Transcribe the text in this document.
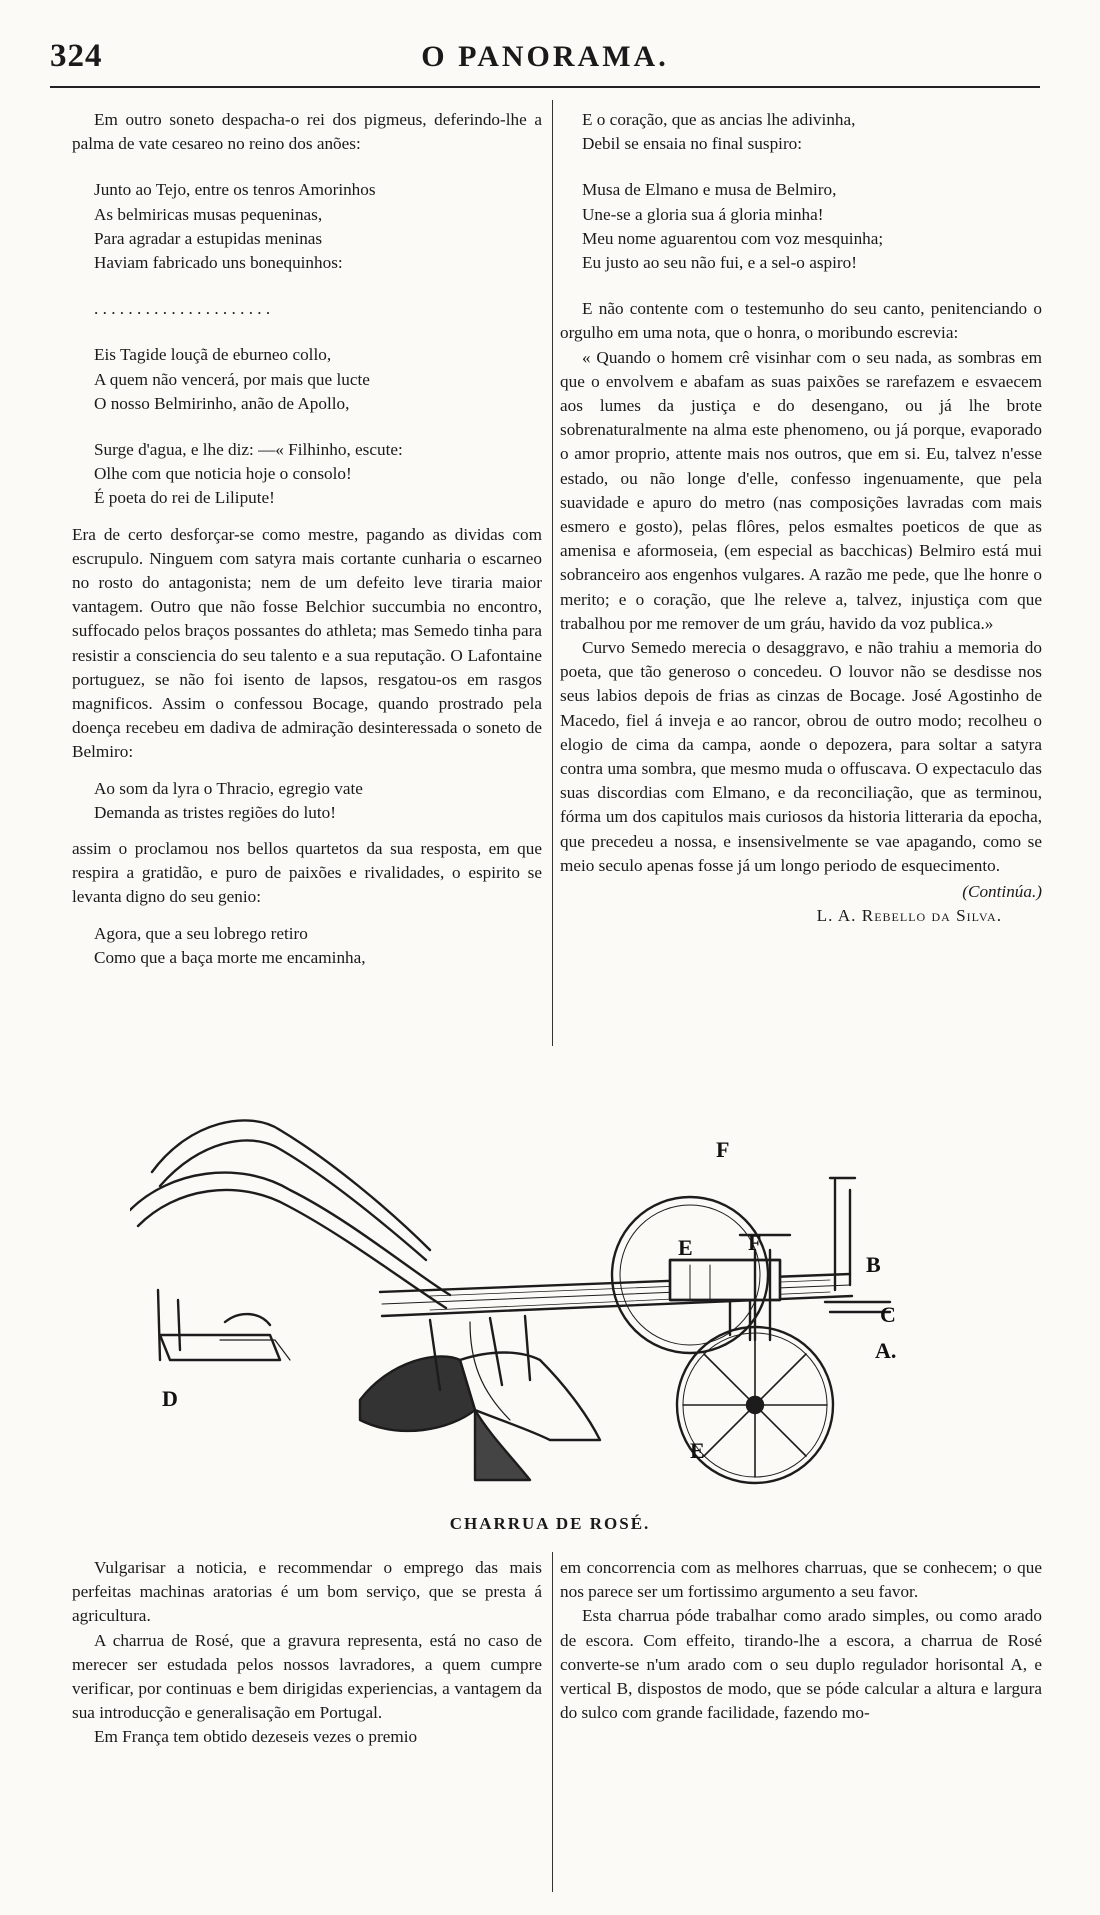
O PANORAMA.
324

Em outro soneto despacha-o rei dos pigmeus, deferindo-lhe a palma de vate cesareo no reino dos anões:

Junto ao Tejo, entre os tenros Amorinhos
As belmiricas musas pequeninas,
Para agradar a estupidas meninas
Haviam fabricado uns bonequinhos:
. . . . . . . . . . . . . . . . . . . . .
Eis Tagide louçã de eburneo collo,
A quem não vencerá, por mais que lucte
O nosso Belmirinho, anão de Apollo,
Surge d'agua, e lhe diz: —« Filhinho, escute:
Olhe com que noticia hoje o consolo!
É poeta do rei de Liliputе!

Era de certo desforçar-se como mestre, pagando as dividas com escrupulo. Ninguem com satyra mais cortante cunharia o escarneo no rosto do antagonista; nem de um defeito leve tiraria maior vantagem. Outro que não fosse Belchior succumbia no encontro, suffocado pelos braços possantes do athleta; mas Semedo tinha para resistir a consciencia do seu talento e a sua reputação. O Lafontaine portuguez, se não foi isento de lapsos, resgatou-os em rasgos magnificos. Assim o confessou Bocage, quando prostrado pela doença recebeu em dadiva de admiração desinteressada o soneto de Belmiro:

Ao som da lyra o Thracio, egregio vate
Demanda as tristes regiões do luto!

assim o proclamou nos bellos quartetos da sua resposta, em que respira a gratidão, e puro de paixões e rivalidades, o espirito se levanta digno do seu genio:

Agora, que a seu lobrego retiro
Como que a baça morte me encaminha,
E o coração, que as ancias lhe adivinha,
Debil se ensaia no final suspiro:
Musa de Elmano e musa de Belmiro,
Une-se a gloria sua á gloria minha!
Meu nome aguarentou com voz mesquinha;
Eu justo ao seu não fui, e a sel-o aspiro!

E não contente com o testemunho do seu canto, penitenciando o orgulho em uma nota, que o honra, o moribundo escrevia:

« Quando o homem crê visinhar com o seu nada, as sombras em que o envolvem e abafam as suas paixões se rarefazem e esvaecem aos lumes da justiça e do desengano, ou já lhe brote sobrenaturalmente na alma este phenomeno, ou já porque, evaporado o amor proprio, attente mais nos outros, que em si. Eu, talvez n'esse estado, ou não longe d'elle, confesso ingenuamente, que pela suavidade e apuro do metro (nas composições lavradas com mais esmero e gosto), pelas flôres, pelos esmaltes poeticos de que as amenisa e aformoseia, (em especial as bacchicas) Belmiro está mui sobranceiro aos engenhos vulgares. A razão me pede, que lhe honre o merito; e o coração, que lhe releve a, talvez, injustiça com que trabalhou por me remover de um gráu, havido da voz publica.»

Curvo Semedo merecia o desaggravo, e não trahiu a memoria do poeta, que tão generoso o concedeu. O louvor não se desdisse nos seus labios depois de frias as cinzas de Bocage. José Agostinho de Macedo, fiel á inveja e ao rancor, obrou de outro modo; recolheu o elogio de cima da campa, aonde o depozera, para soltar a satyra contra uma sombra, que mesmo muda o offuscava. O expectaculo das suas discordias com Elmano, e da reconciliação, que as terminou, fórma um dos capitulos mais curiosos da historia litteraria da epocha, que precedeu a nossa, e insensivelmente se vae apagando, como se meio seculo apenas fosse já um longo periodo de esquecimento.

(Continúa.)
L. A. Rebello da Silva.
F
E	F
B
C
A.
D
E
CHARRUA DE ROSÉ.

Vulgarisar a noticia, e recommendar o emprego das mais perfeitas machinas aratorias é um bom serviço, que se presta á agricultura.

A charrua de Rosé, que a gravura representa, está no caso de merecer ser estudada pelos nossos lavradores, a quem cumpre verificar, por continuas e bem dirigidas experiencias, a vantagem da sua introducção e generalisação em Portugal.

Em França tem obtido dezeseis vezes o premio

em concorrencia com as melhores charruas, que se conhecem; o que nos parece ser um fortissimo argumento a seu favor.

Esta charrua póde trabalhar como arado simples, ou como arado de escora. Com effeito, tirando-lhe a escora, a charrua de Rosé converte-se n'um arado com o seu duplo regulador horisontal A, e vertical B, dispostos de modo, que se póde calcular a altura e largura do sulco com grande facilidade, fazendo mo-
